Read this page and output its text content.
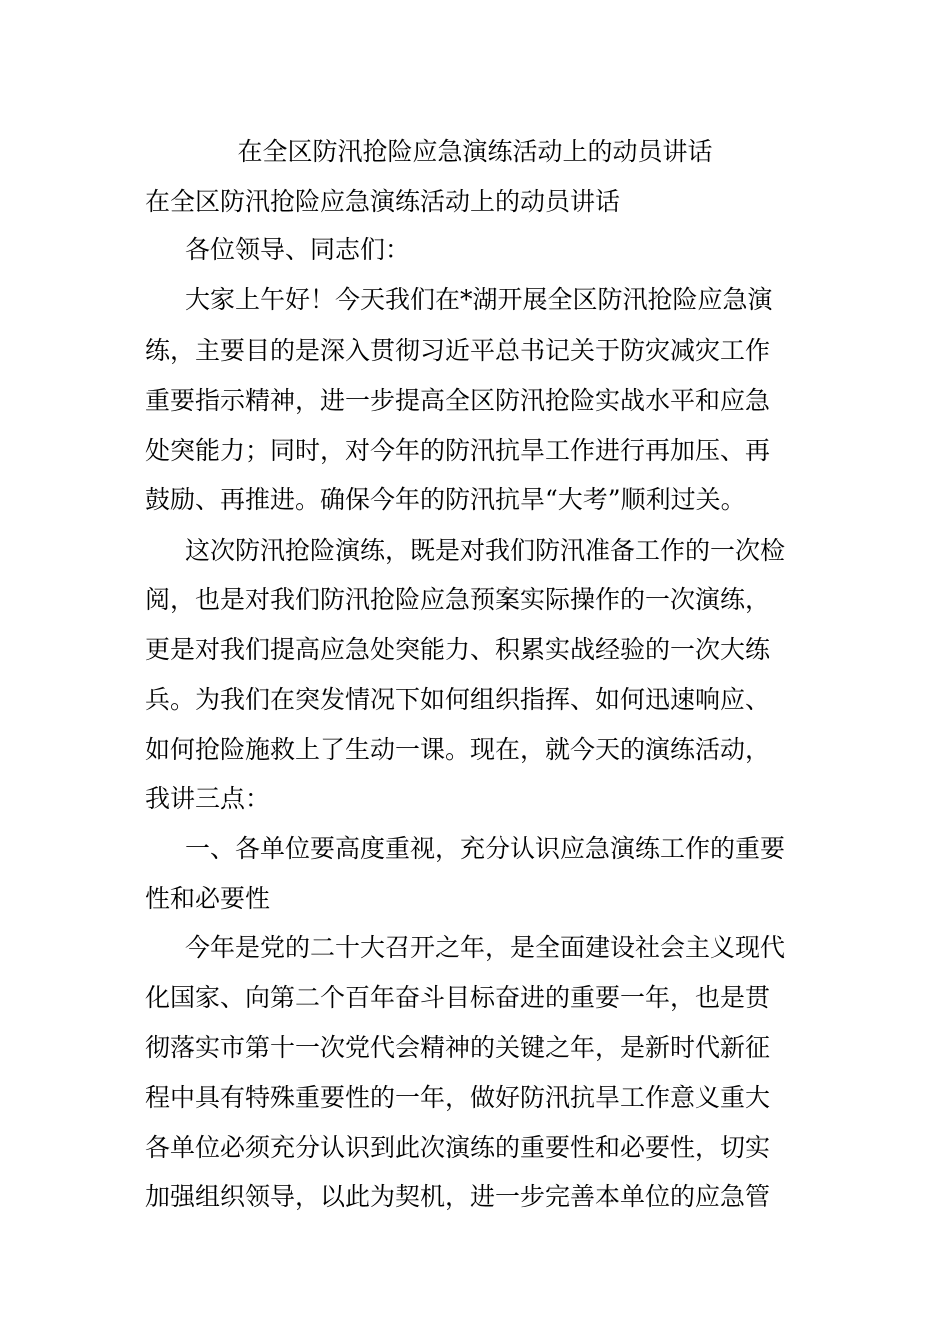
在全区防汛抢险应急演练活动上的动员讲话
在全区防汛抢险应急演练活动上的动员讲话
各位领导、同志们：
大家上午好！今天我们在*湖开展全区防汛抢险应急演
练，主要目的是深入贯彻习近平总书记关于防灾减灾工作
重要指示精神，进一步提高全区防汛抢险实战水平和应急
处突能力；同时，对今年的防汛抗旱工作进行再加压、再
鼓励、再推进。确保今年的防汛抗旱“大考”顺利过关。
这次防汛抢险演练，既是对我们防汛准备工作的一次检
阅，也是对我们防汛抢险应急预案实际操作的一次演练，
更是对我们提高应急处突能力、积累实战经验的一次大练
兵。为我们在突发情况下如何组织指挥、如何迅速响应、
如何抢险施救上了生动一课。现在，就今天的演练活动，
我讲三点：
一、各单位要高度重视，充分认识应急演练工作的重要
性和必要性
今年是党的二十大召开之年，是全面建设社会主义现代
化国家、向第二个百年奋斗目标奋进的重要一年，也是贯
彻落实市第十一次党代会精神的关键之年，是新时代新征
程中具有特殊重要性的一年，做好防汛抗旱工作意义重大
各单位必须充分认识到此次演练的重要性和必要性，切实
加强组织领导，以此为契机，进一步完善本单位的应急管
